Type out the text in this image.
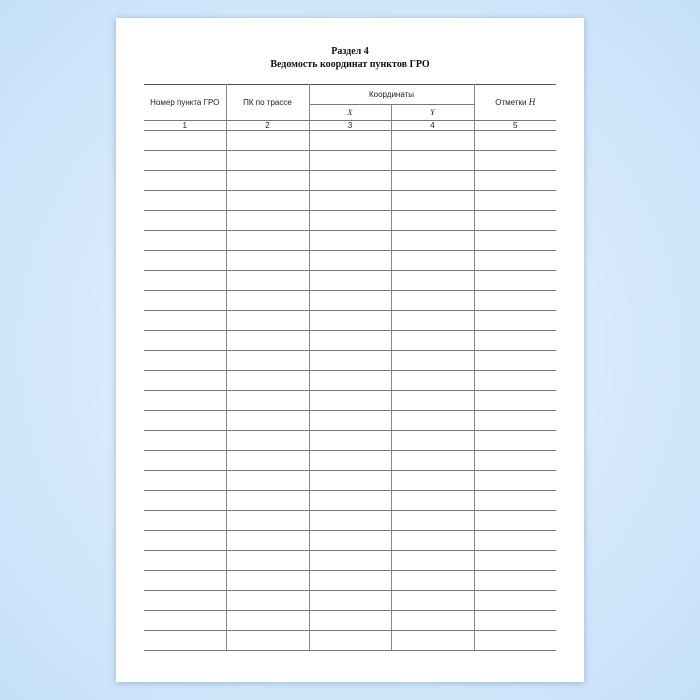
Раздел 4
Ведомость координат пунктов ГРО
Номер пункта ГРО	ПК по трассе	Координаты		Отметки H
		X	Y	
1	2	3	4	5
